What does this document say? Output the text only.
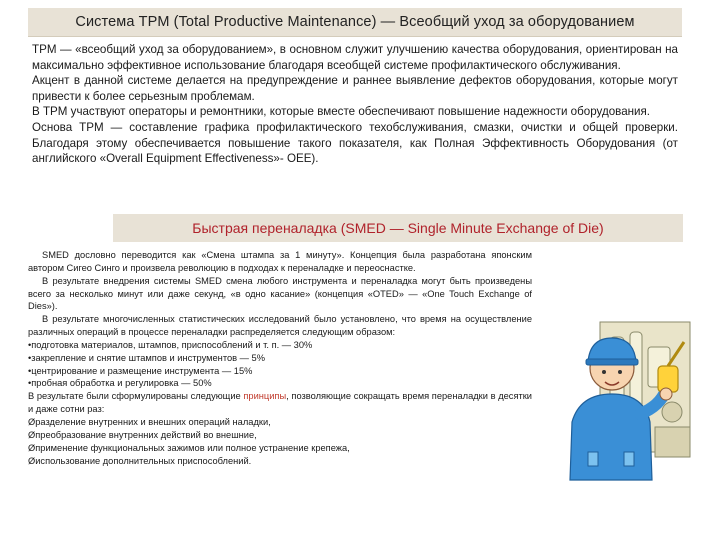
Система TPM (Total Productive Maintenance) — Всеобщий уход за оборудованием

TPM — «всеобщий уход за оборудованием», в основном служит улучшению качества оборудования, ориентирован на максимально эффективное использование благодаря всеобщей системе профилактического обслуживания.

Акцент в данной системе делается на предупреждение и раннее выявление дефектов оборудования, которые могут привести к более серьезным проблемам.

В TPM участвуют операторы и ремонтники, которые вместе обеспечивают повышение надежности оборудования.

Основа TPM — составление графика профилактического техобслуживания, смазки, очистки и общей проверки. Благодаря этому обеспечивается повышение такого показателя, как Полная Эффективность Оборудования (от английского «Overall Equipment Effectiveness»- OEE).

Быстрая переналадка (SMED — Single Minute Exchange of Die)

SMED дословно переводится как «Смена штампа за 1 минуту». Концепция была разработана японским автором Сигео Синго и произвела революцию в подходах к переналадке и переоснастке.

В результате внедрения системы SMED смена любого инструмента и переналадка могут быть произведены всего за несколько минут или даже секунд, «в одно касание» (концепция «OTED» — «One Touch Exchange of Dies»).

В результате многочисленных статистических исследований было установлено, что время на осуществление различных операций в процессе переналадки распределяется следующим образом:

•подготовка материалов, штампов, приспособлений и т. п. — 30%

•закрепление и снятие штампов и инструментов — 5%

•центрирование и размещение инструмента — 15%

•пробная обработка и регулировка — 50%

В результате были сформулированы следующие принципы, позволяющие сокращать время переналадки в десятки и даже сотни раз:

Øразделение внутренних и внешних операций наладки,

Øпреобразование внутренних действий во внешние,

Øприменение функциональных зажимов или полное устранение крепежа,

Øиспользование дополнительных приспособлений.
